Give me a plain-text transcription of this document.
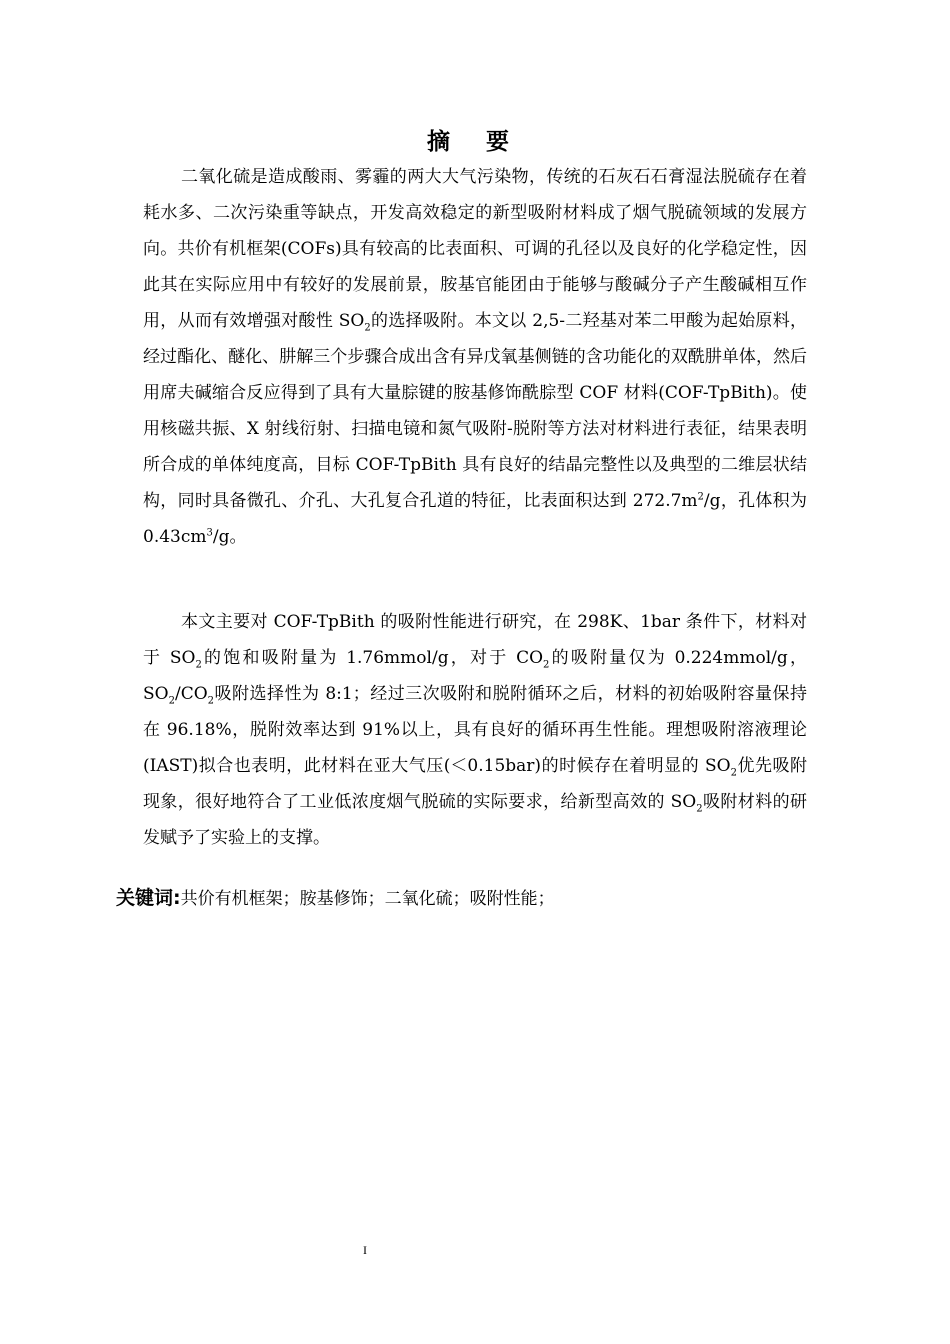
摘 要
二氧化硫是造成酸雨、雾霾的两大大气污染物，传统的石灰石石膏湿法脱硫存在着耗水多、二次污染重等缺点，开发高效稳定的新型吸附材料成了烟气脱硫领域的发展方向。共价有机框架(COFs)具有较高的比表面积、可调的孔径以及良好的化学稳定性，因此其在实际应用中有较好的发展前景，胺基官能团由于能够与酸碱分子产生酸碱相互作用，从而有效增强对酸性 $SO_2$的选择吸附。本文以 2,5-二羟基对苯二甲酸为起始原料，经过酯化、醚化、肼解三个步骤合成出含有异戊氧基侧链的含功能化的双酰肼单体，然后用席夫碱缩合反应得到了具有大量腙键的胺基修饰酰腙型 COF 材料(COF-TpBith)。使用核磁共振、X 射线衍射、扫描电镜和氮气吸附-脱附等方法对材料进行表征，结果表明所合成的单体纯度高，目标 COF-TpBith 具有良好的结晶完整性以及典型的二维层状结构，同时具备微孔、介孔、大孔复合孔道的特征，比表面积达到 $272.7m^2/g$，孔体积为 $0.43cm^3/g$。
本文主要对 COF-TpBith 的吸附性能进行研究，在 298K、1bar 条件下，材料对于 $SO_2$的饱和吸附量为 1.76mmol/g，对于 $CO_2$的吸附量仅为 0.224mmol/g，$SO_2/CO_2$吸附选择性为 8:1；经过三次吸附和脱附循环之后，材料的初始吸附容量保持在 96.18%，脱附效率达到 91%以上，具有良好的循环再生性能。理想吸附溶液理论(IAST)拟合也表明，此材料在亚大气压(＜0.15bar)的时候存在着明显的 $SO_2$优先吸附现象，很好地符合了工业低浓度烟气脱硫的实际要求，给新型高效的 $SO_2$吸附材料的研发赋予了实验上的支撑。
关键词:共价有机框架；胺基修饰；二氧化硫；吸附性能；
I
